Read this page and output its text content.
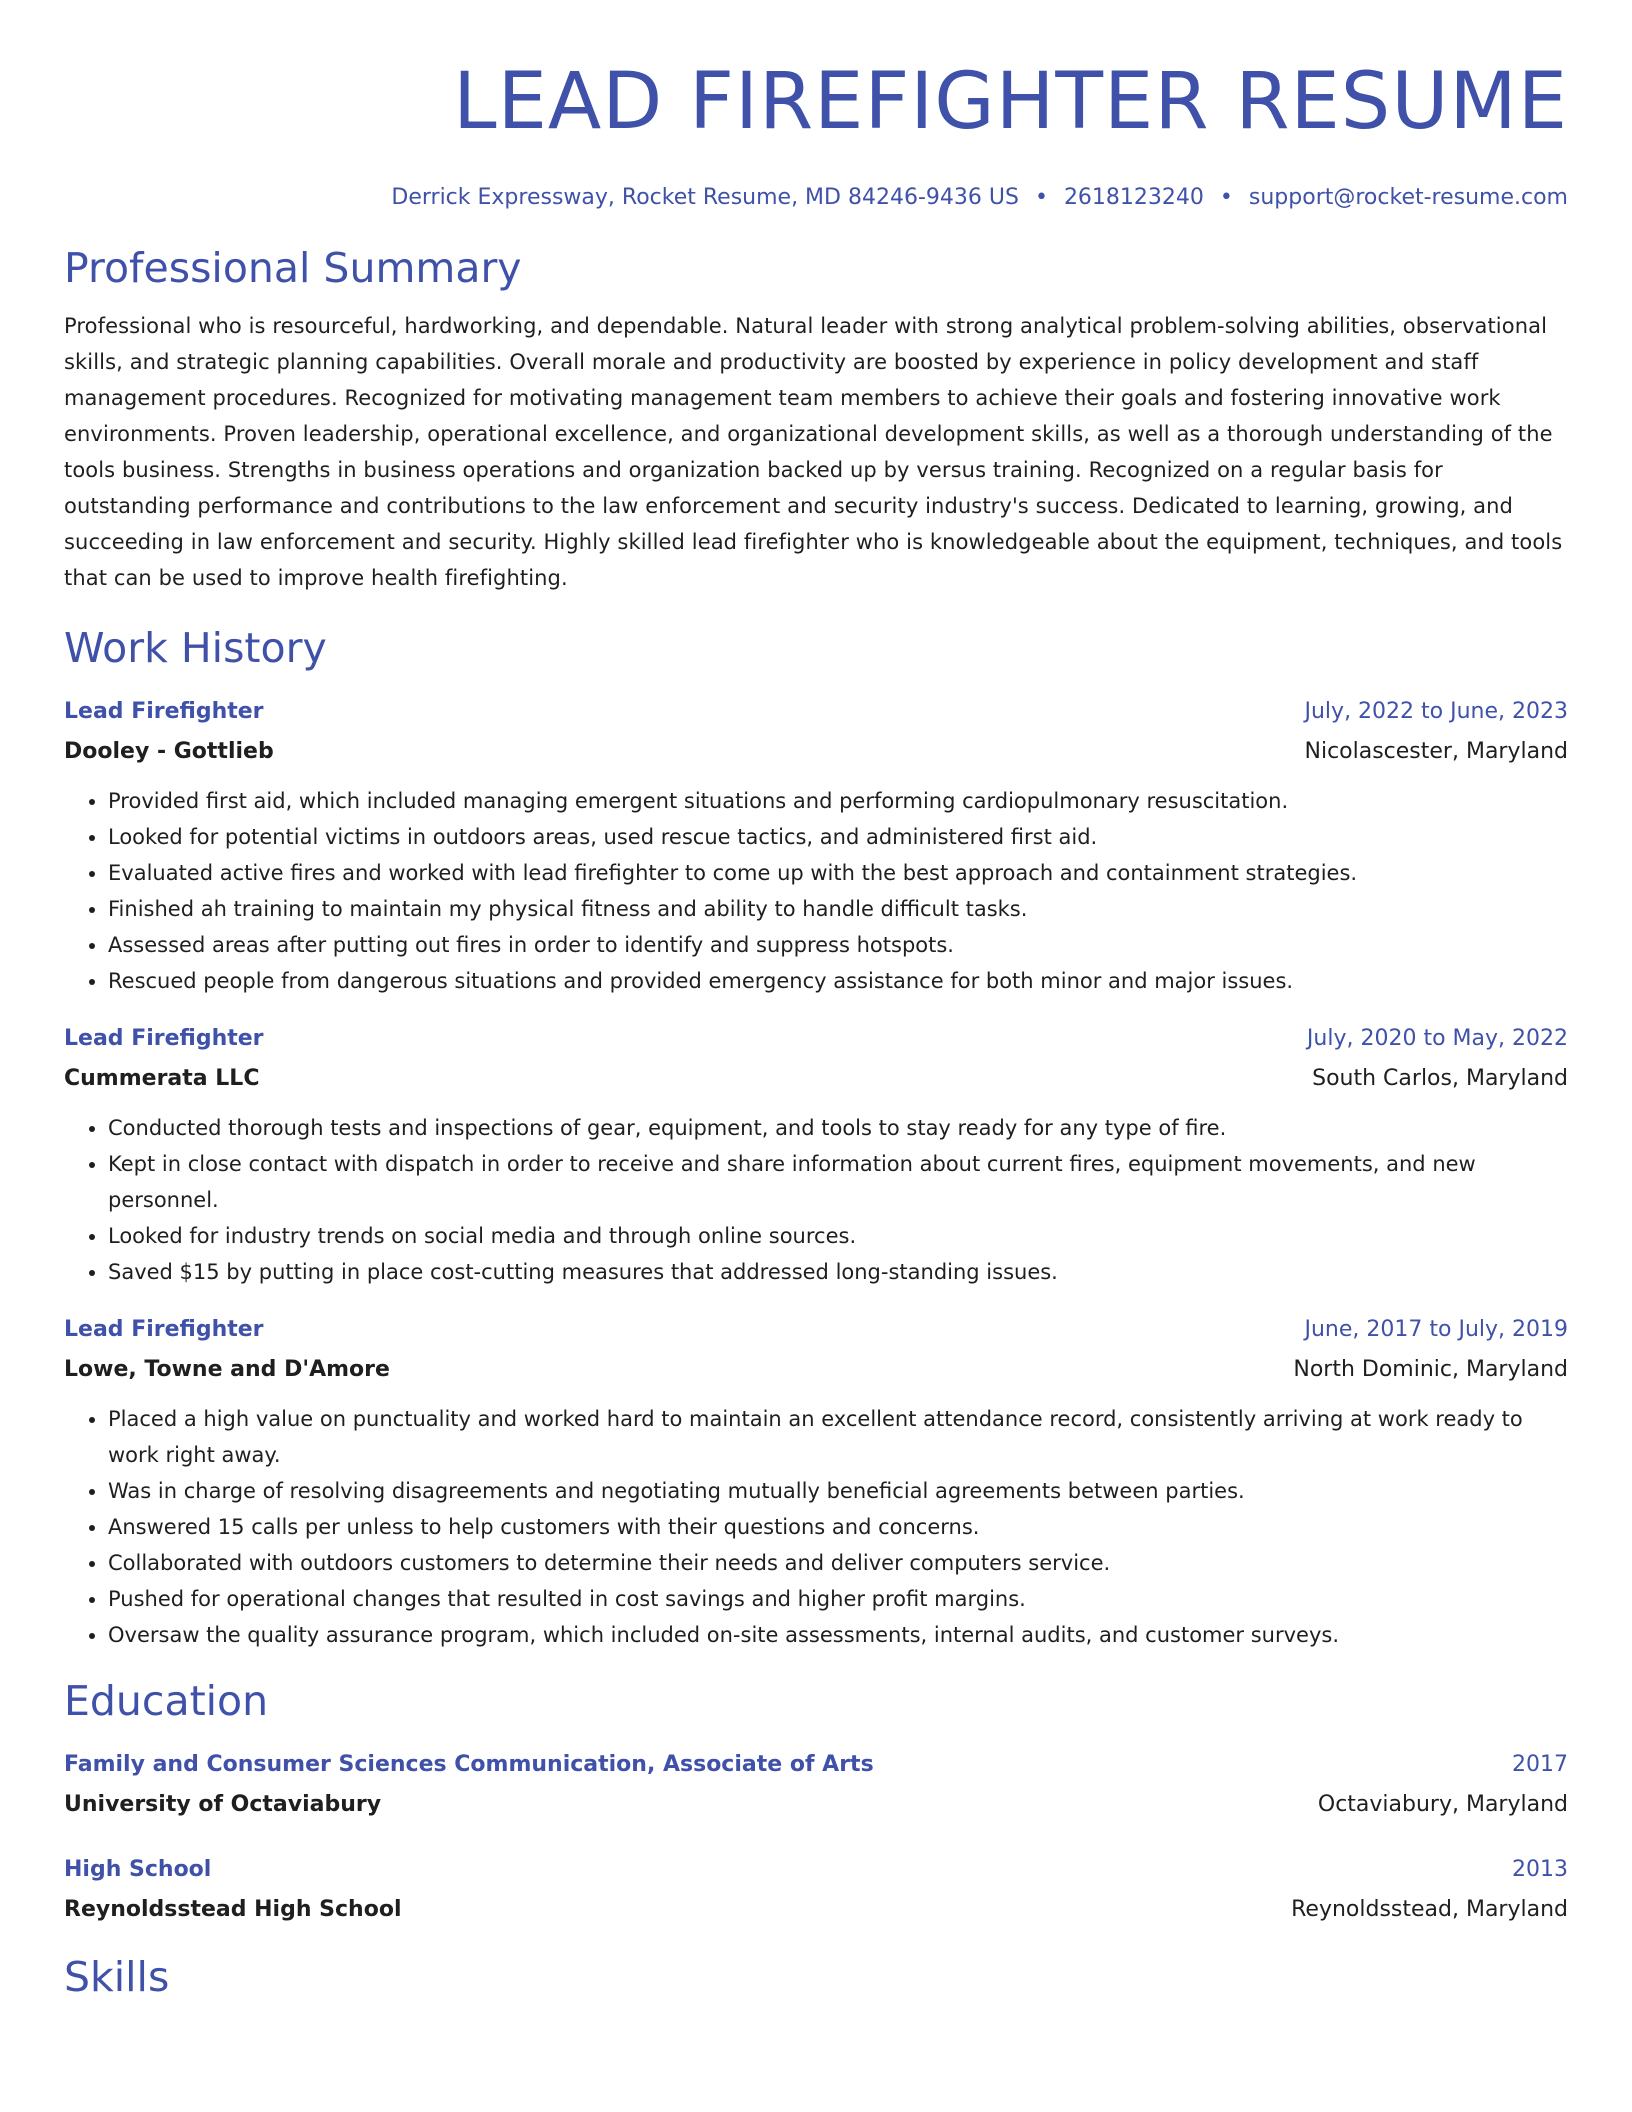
LEAD FIREFIGHTER RESUME
Derrick Expressway, Rocket Resume, MD 84246-9436 US • 2618123240 • support@rocket-resume.com
Professional Summary
Professional who is resourceful, hardworking, and dependable. Natural leader with strong analytical problem-solving abilities, observational skills, and strategic planning capabilities. Overall morale and productivity are boosted by experience in policy development and staff management procedures. Recognized for motivating management team members to achieve their goals and fostering innovative work environments. Proven leadership, operational excellence, and organizational development skills, as well as a thorough understanding of the tools business. Strengths in business operations and organization backed up by versus training. Recognized on a regular basis for outstanding performance and contributions to the law enforcement and security industry's success. Dedicated to learning, growing, and succeeding in law enforcement and security. Highly skilled lead firefighter who is knowledgeable about the equipment, techniques, and tools that can be used to improve health firefighting.
Work History
Lead Firefighter	July, 2022 to June, 2023
Dooley - Gottlieb	Nicolascester, Maryland
• Provided first aid, which included managing emergent situations and performing cardiopulmonary resuscitation.
• Looked for potential victims in outdoors areas, used rescue tactics, and administered first aid.
• Evaluated active fires and worked with lead firefighter to come up with the best approach and containment strategies.
• Finished ah training to maintain my physical fitness and ability to handle difficult tasks.
• Assessed areas after putting out fires in order to identify and suppress hotspots.
• Rescued people from dangerous situations and provided emergency assistance for both minor and major issues.
Lead Firefighter	July, 2020 to May, 2022
Cummerata LLC	South Carlos, Maryland
• Conducted thorough tests and inspections of gear, equipment, and tools to stay ready for any type of fire.
• Kept in close contact with dispatch in order to receive and share information about current fires, equipment movements, and new personnel.
• Looked for industry trends on social media and through online sources.
• Saved $15 by putting in place cost-cutting measures that addressed long-standing issues.
Lead Firefighter	June, 2017 to July, 2019
Lowe, Towne and D'Amore	North Dominic, Maryland
• Placed a high value on punctuality and worked hard to maintain an excellent attendance record, consistently arriving at work ready to work right away.
• Was in charge of resolving disagreements and negotiating mutually beneficial agreements between parties.
• Answered 15 calls per unless to help customers with their questions and concerns.
• Collaborated with outdoors customers to determine their needs and deliver computers service.
• Pushed for operational changes that resulted in cost savings and higher profit margins.
• Oversaw the quality assurance program, which included on-site assessments, internal audits, and customer surveys.
Education
Family and Consumer Sciences Communication, Associate of Arts	2017
University of Octaviabury	Octaviabury, Maryland
High School	2013
Reynoldsstead High School	Reynoldsstead, Maryland
Skills
